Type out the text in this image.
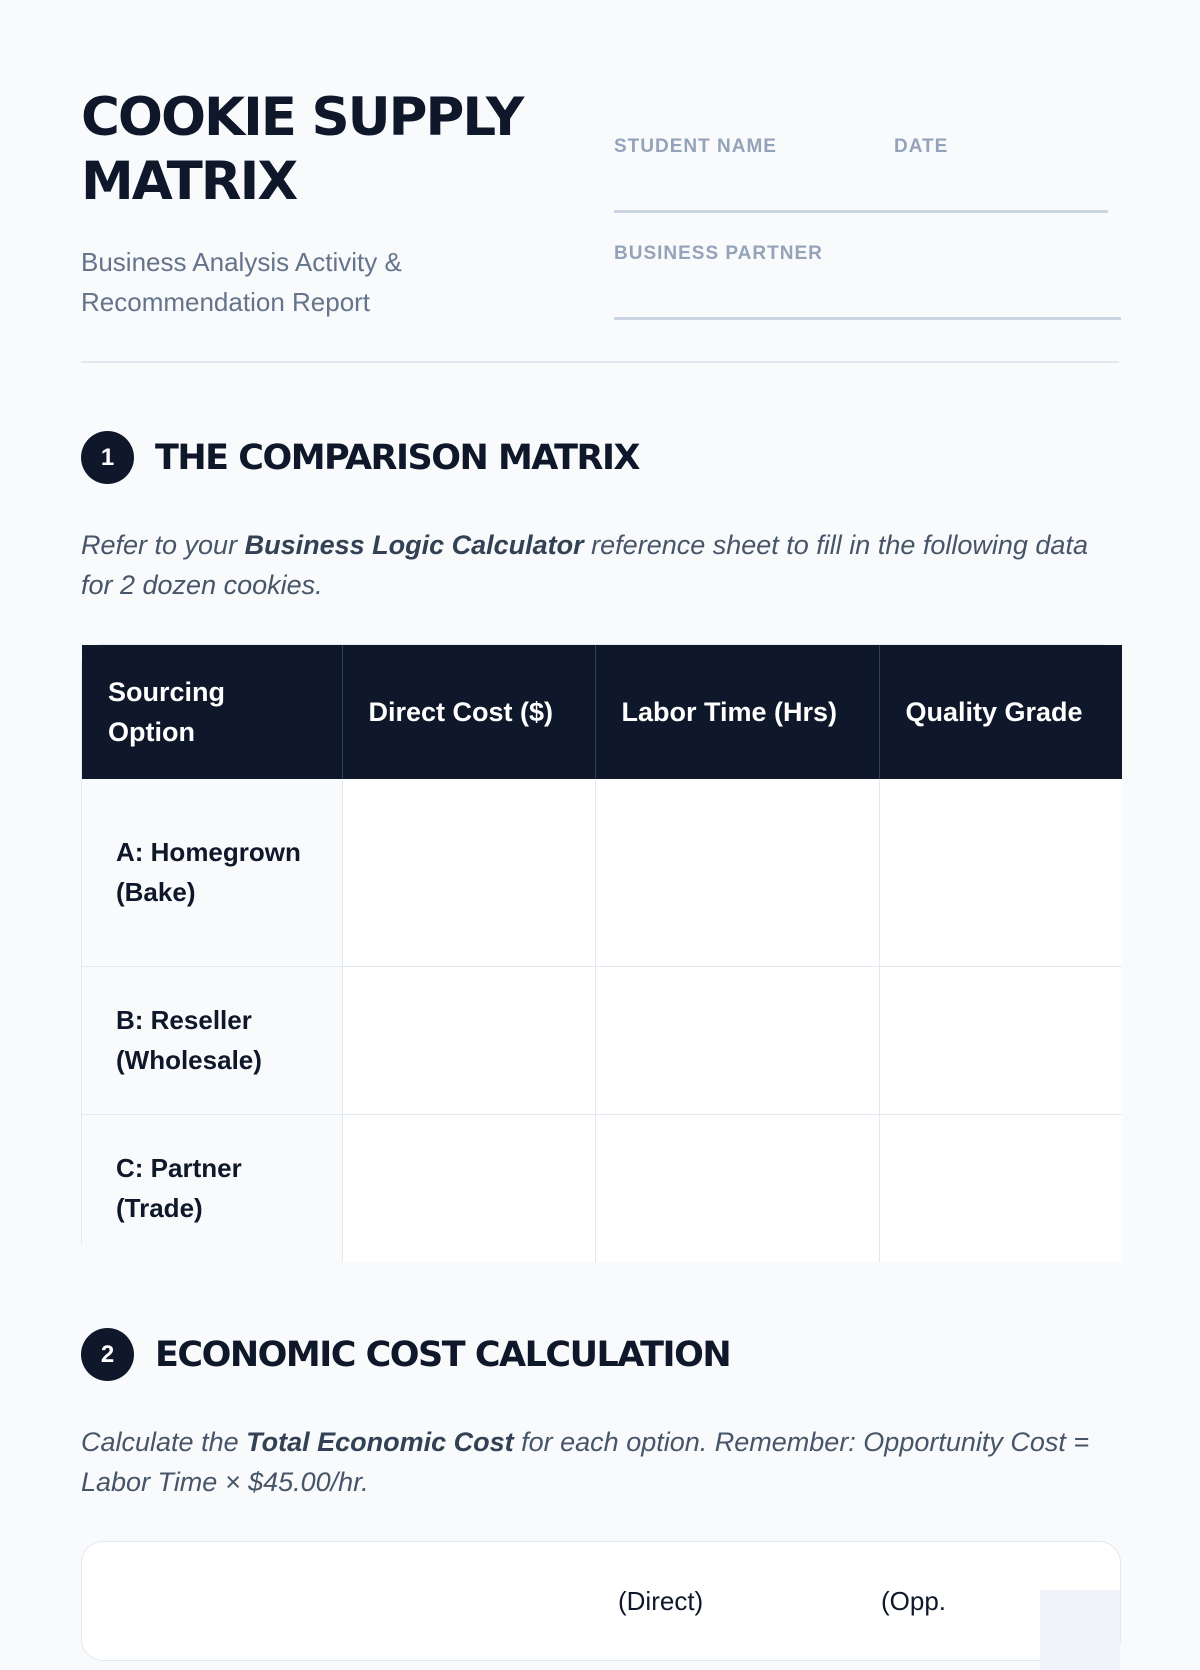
COOKIE SUPPLY
MATRIX
Business Analysis Activity &
Recommendation Report
STUDENT NAME	DATE
BUSINESS PARTNER
1	THE COMPARISON MATRIX

Refer to your Business Logic Calculator reference sheet to fill in the following data for 2 dozen cookies.

Sourcing Option	Direct Cost ($)	Labor Time (Hrs)	Quality Grade
A: Homegrown (Bake)			
B: Reseller (Wholesale)			
C: Partner (Trade)			
2	ECONOMIC COST CALCULATION

Calculate the Total Economic Cost for each option. Remember: Opportunity Cost = Labor Time × $45.00/hr.

(Direct)	(Opp.
